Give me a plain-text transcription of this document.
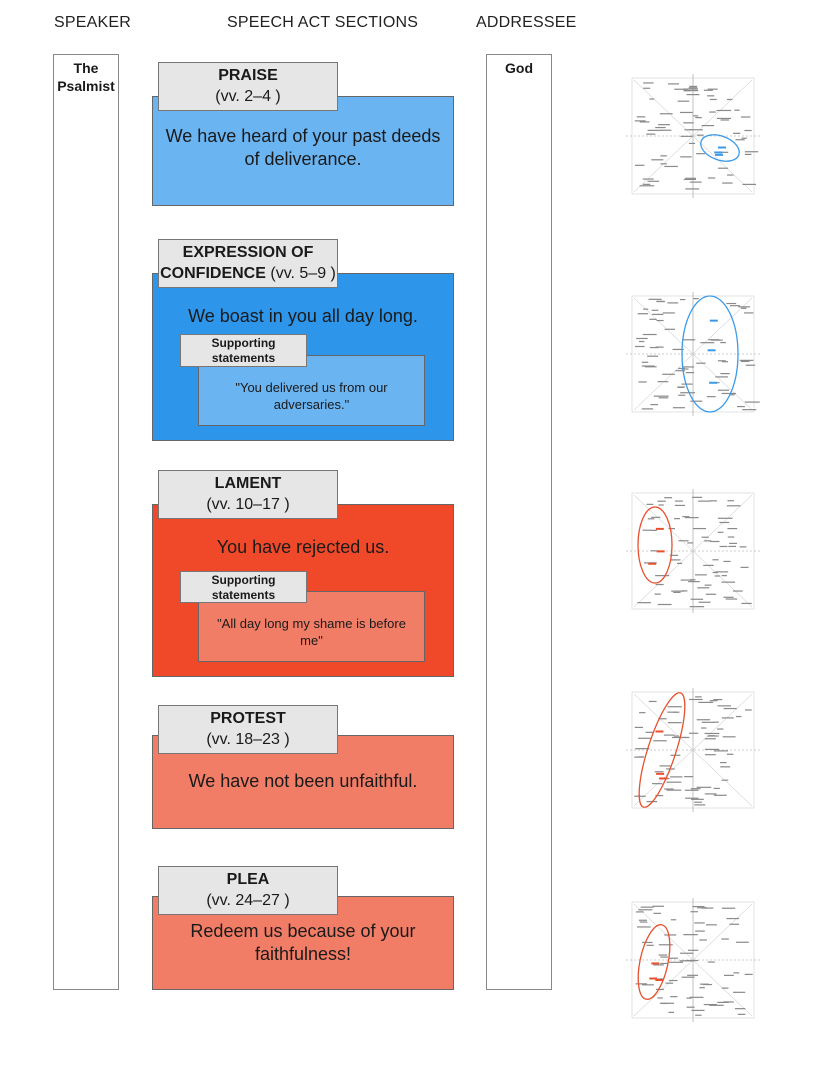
SPEAKER	SPEECH ACT SECTIONS	ADDRESSEE
The
Psalmist
God
We have heard of your past deeds of deliverance.
PRAISE
(vv. 2–4 )
We boast in you all day long.
EXPRESSION OF
CONFIDENCE (vv. 5–9 )
"You delivered us from our adversaries."
Supporting statements
You have rejected us.
LAMENT
(vv. 10–17 )
"All day long my shame is before me"
Supporting statements
We have not been unfaithful.
PROTEST
(vv. 18–23 )
Redeem us because of your faithfulness!
PLEA
(vv. 24–27 )
